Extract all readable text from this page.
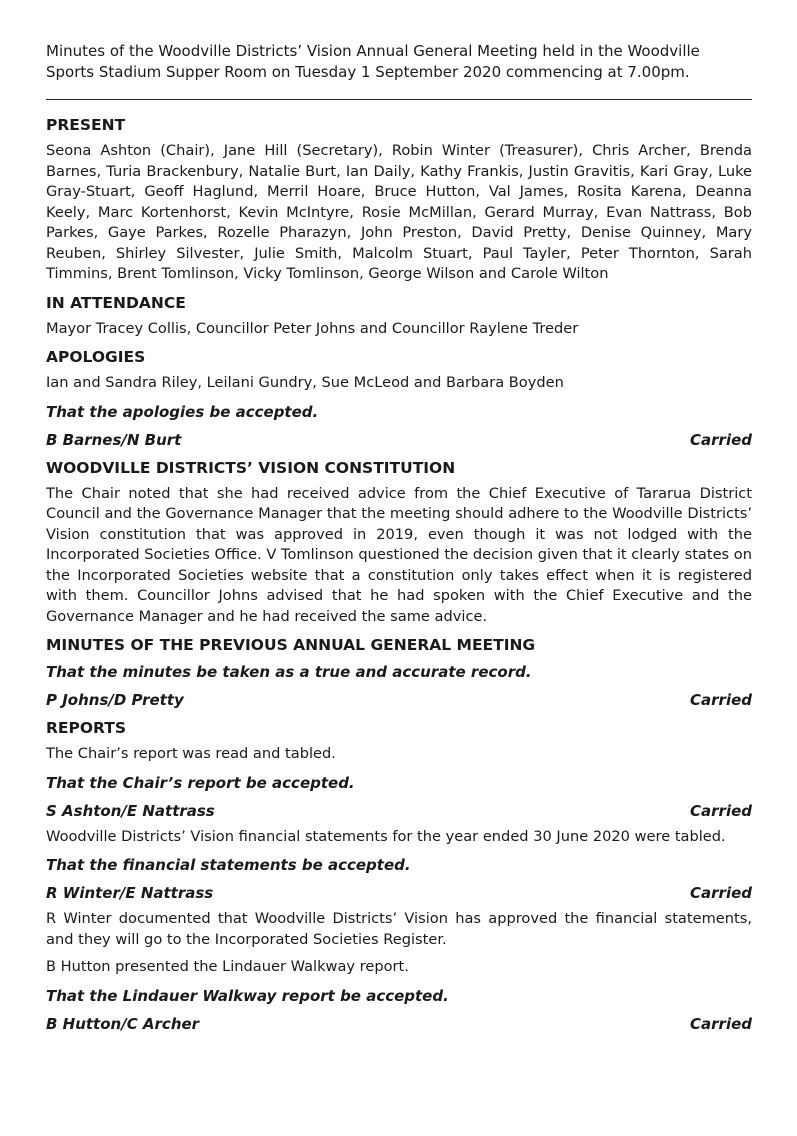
Minutes of the Woodville Districts’ Vision Annual General Meeting held in the Woodville Sports Stadium Supper Room on Tuesday 1 September 2020 commencing at 7.00pm.

PRESENT

Seona Ashton (Chair), Jane Hill (Secretary), Robin Winter (Treasurer), Chris Archer, Brenda Barnes, Turia Brackenbury, Natalie Burt, Ian Daily, Kathy Frankis, Justin Gravitis, Kari Gray, Luke Gray-Stuart, Geoff Haglund, Merril Hoare, Bruce Hutton, Val James, Rosita Karena, Deanna Keely, Marc Kortenhorst, Kevin McIntyre, Rosie McMillan, Gerard Murray, Evan Nattrass, Bob Parkes, Gaye Parkes, Rozelle Pharazyn, John Preston, David Pretty, Denise Quinney, Mary Reuben, Shirley Silvester, Julie Smith, Malcolm Stuart, Paul Tayler, Peter Thornton, Sarah Timmins, Brent Tomlinson, Vicky Tomlinson, George Wilson and Carole Wilton

IN ATTENDANCE

Mayor Tracey Collis, Councillor Peter Johns and Councillor Raylene Treder

APOLOGIES

Ian and Sandra Riley, Leilani Gundry, Sue McLeod and Barbara Boyden

That the apologies be accepted.
B Barnes/N Burt	Carried
WOODVILLE DISTRICTS’ VISION CONSTITUTION

The Chair noted that she had received advice from the Chief Executive of Tararua District Council and the Governance Manager that the meeting should adhere to the Woodville Districts’ Vision constitution that was approved in 2019, even though it was not lodged with the Incorporated Societies Office. V Tomlinson questioned the decision given that it clearly states on the Incorporated Societies website that a constitution only takes effect when it is registered with them. Councillor Johns advised that he had spoken with the Chief Executive and the Governance Manager and he had received the same advice.

MINUTES OF THE PREVIOUS ANNUAL GENERAL MEETING
That the minutes be taken as a true and accurate record.
P Johns/D Pretty	Carried
REPORTS

The Chair’s report was read and tabled.

That the Chair’s report be accepted.
S Ashton/E Nattrass	Carried

Woodville Districts’ Vision financial statements for the year ended 30 June 2020 were tabled.

That the financial statements be accepted.
R Winter/E Nattrass	Carried

R Winter documented that Woodville Districts’ Vision has approved the financial statements, and they will go to the Incorporated Societies Register.

B Hutton presented the Lindauer Walkway report.

That the Lindauer Walkway report be accepted.
B Hutton/C Archer	Carried
